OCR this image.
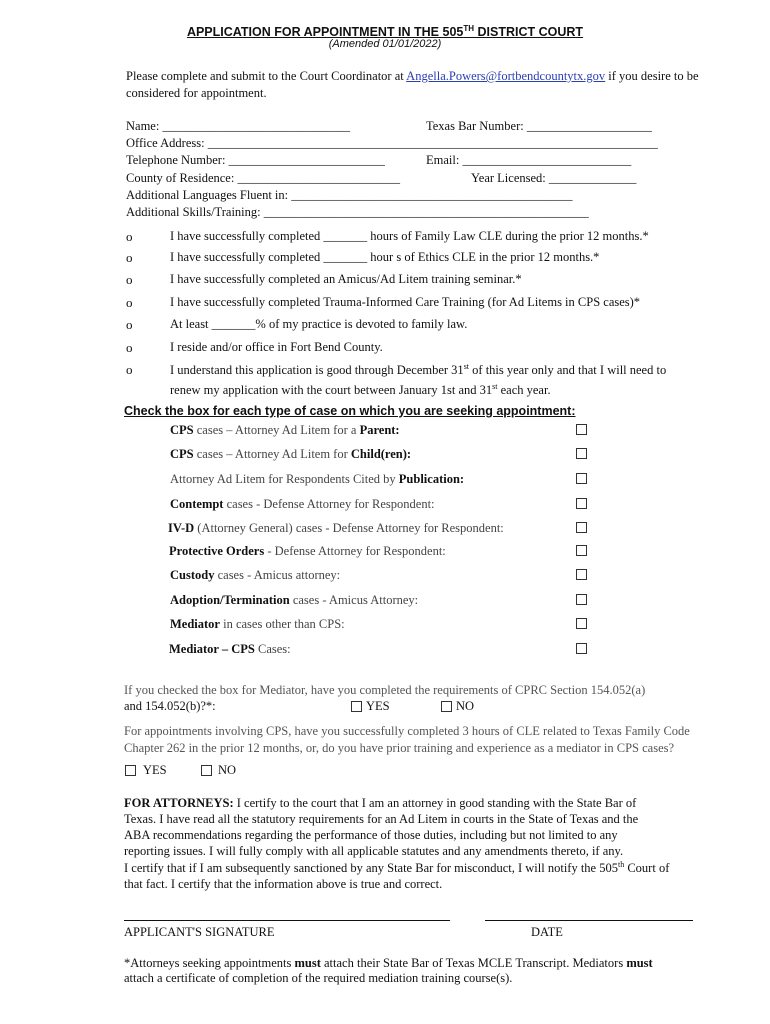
APPLICATION FOR APPOINTMENT IN THE 505TH DISTRICT COURT
(Amended 01/01/2022)
Please complete and submit to the Court Coordinator at Angella.Powers@fortbendcountytx.gov if you desire to be
considered for appointment.
Name: ______________________________	Texas Bar Number: ____________________
Office Address: ________________________________________________________________________
Telephone Number: _________________________	Email: ___________________________
County of Residence: __________________________	Year Licensed: ______________
Additional Languages Fluent in: _____________________________________________
Additional Skills/Training: ____________________________________________________
o	I have successfully completed _______ hours of Family Law CLE during the prior 12 months.*
o	I have successfully completed _______ hour s of Ethics CLE in the prior 12 months.*
o	I have successfully completed an Amicus/Ad Litem training seminar.*
o	I have successfully completed Trauma-Informed Care Training (for Ad Litems in CPS cases)*
o	At least _______% of my practice is devoted to family law.
o	I reside and/or office in Fort Bend County.
o	I understand this application is good through December 31st of this year only and that I will need to
renew my application with the court between January 1st and 31st each year.
Check the box for each type of case on which you are seeking appointment:
CPS cases – Attorney Ad Litem for a Parent:
CPS cases – Attorney Ad Litem for Child(ren):
Attorney Ad Litem for Respondents Cited by Publication:
Contempt cases - Defense Attorney for Respondent:
IV-D (Attorney General) cases - Defense Attorney for Respondent:
Protective Orders - Defense Attorney for Respondent:
Custody cases - Amicus attorney:
Adoption/Termination cases - Amicus Attorney:
Mediator in cases other than CPS:
Mediator – CPS Cases:
If you checked the box for Mediator, have you completed the requirements of CPRC Section 154.052(a)
and 154.052(b)?*:	YES	NO
For appointments involving CPS, have you successfully completed 3 hours of CLE related to Texas Family Code
Chapter 262 in the prior 12 months, or, do you have prior training and experience as a mediator in CPS cases?
YES	NO
FOR ATTORNEYS: I certify to the court that I am an attorney in good standing with the State Bar of
Texas. I have read all the statutory requirements for an Ad Litem in courts in the State of Texas and the
ABA recommendations regarding the performance of those duties, including but not limited to any
reporting issues. I will fully comply with all applicable statutes and any amendments thereto, if any.
I certify that if I am subsequently sanctioned by any State Bar for misconduct, I will notify the 505th Court of
that fact. I certify that the information above is true and correct.
APPLICANT'S SIGNATURE	DATE
*Attorneys seeking appointments must attach their State Bar of Texas MCLE Transcript. Mediators must
attach a certificate of completion of the required mediation training course(s).
